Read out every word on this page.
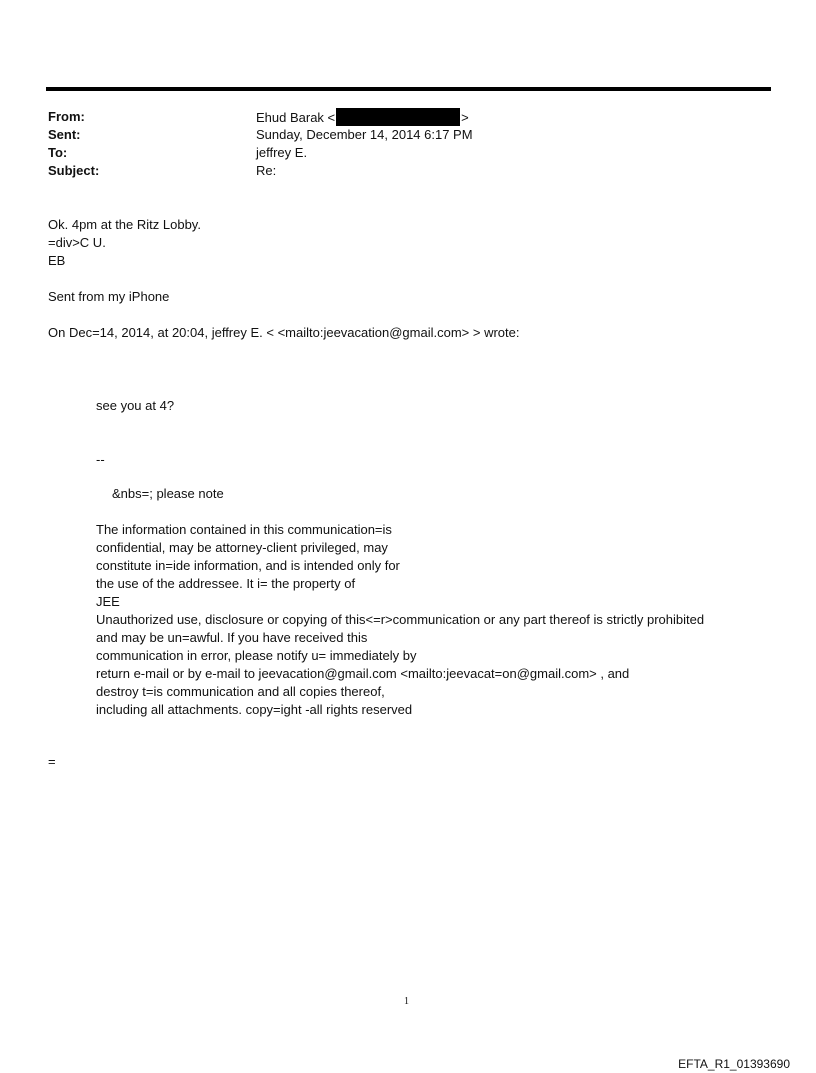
From:	Ehud Barak <	>
Sent:	Sunday, December 14, 2014 6:17 PM
To:	jeffrey E.
Subject:	Re:
Ok. 4pm at the Ritz Lobby.
=div>C U.
EB
Sent from my iPhone
On Dec=14, 2014, at 20:04, jeffrey E. < <mailto:jeevacation@gmail.com> > wrote:
see you at 4?
--
&nbs=; please note
The information contained in this communication=is
confidential, may be attorney-client privileged, may
constitute in=ide information, and is intended only for
the use of the addressee. It i= the property of
JEE
Unauthorized use, disclosure or copying of this<=r>communication or any part thereof is strictly prohibited
and may be un=awful. If you have received this
communication in error, please notify u= immediately by
return e-mail or by e-mail to jeevacation@gmail.com <mailto:jeevacat=on@gmail.com> , and
destroy t=is communication and all copies thereof,
including all attachments. copy=ight -all rights reserved
=
1
EFTA_R1_01393690
